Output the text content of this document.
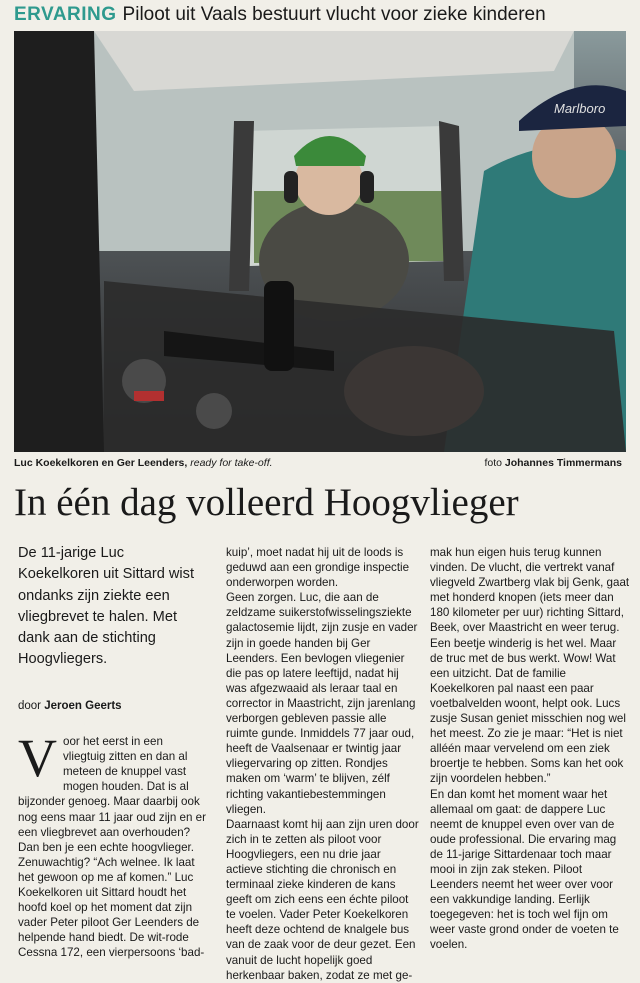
ERVARING Piloot uit Vaals bestuurt vlucht voor zieke kinderen
Marlboro
Luc Koekelkoren en Ger Leenders, ready for take-off.	foto Johannes Timmermans
In één dag volleerd Hoogvlieger
De 11-jarige Luc Koekelkoren uit Sittard wist ondanks zijn ziekte een vliegbrevet te halen. Met dank aan de stichting Hoogvliegers.
door Jeroen Geerts

Voor het eerst in een vliegtuig zitten en dan al meteen de knuppel vast mogen houden. Dat is al bijzonder genoeg. Maar daarbij ook nog eens maar 11 jaar oud zijn en er een vliegbrevet aan overhouden? Dan ben je een echte hoogvlieger. Zenuwachtig? “Ach welnee. Ik laat het gewoon op me af komen.” Luc Koekelkoren uit Sittard houdt het hoofd koel op het moment dat zijn vader Peter piloot Ger Leenders de helpende hand biedt. De wit-rode Cessna 172, een vierpersoons ‘bad-

kuip’, moet nadat hij uit de loods is geduwd aan een grondige inspectie onderworpen worden.
Geen zorgen. Luc, die aan de zeldzame suikerstofwisselingsziekte galactosemie lijdt, zijn zusje en vader zijn in goede handen bij Ger Leenders. Een bevlogen vliegenier die pas op latere leeftijd, nadat hij was afgezwaaid als leraar taal en corrector in Maastricht, zijn jarenlang verborgen gebleven passie alle ruimte gunde. Inmiddels 77 jaar oud, heeft de Vaalsenaar er twintig jaar vliegervaring op zitten. Rondjes maken om ‘warm’ te blijven, zélf richting vakantiebestemmingen vliegen.
Daarnaast komt hij aan zijn uren door zich in te zetten als piloot voor Hoogvliegers, een nu drie jaar actieve stichting die chronisch en terminaal zieke kinderen de kans geeft om zich eens een échte piloot te voelen. Vader Peter Koekelkoren heeft deze ochtend de knalgele bus van de zaak voor de deur gezet. Een vanuit de lucht hopelijk goed herkenbaar baken, zodat ze met ge-
mak hun eigen huis terug kunnen vinden. De vlucht, die vertrekt vanaf vliegveld Zwartberg vlak bij Genk, gaat met honderd knopen (iets meer dan 180 kilometer per uur) richting Sittard, Beek, over Maastricht en weer terug. Een beetje winderig is het wel. Maar de truc met de bus werkt. Wow! Wat een uitzicht. Dat de familie Koekelkoren pal naast een paar voetbalvelden woont, helpt ook. Lucs zusje Susan geniet misschien nog wel het meest. Zo zie je maar: “Het is niet alléén maar vervelend om een ziek broertje te hebben. Soms kan het ook zijn voordelen hebben.”
En dan komt het moment waar het allemaal om gaat: de dappere Luc neemt de knuppel even over van de oude professional. Die ervaring mag de 11-jarige Sittardenaar toch maar mooi in zijn zak steken. Piloot Leenders neemt het weer over voor een vakkundige landing. Eerlijk toegegeven: het is toch wel fijn om weer vaste grond onder de voeten te voelen.
